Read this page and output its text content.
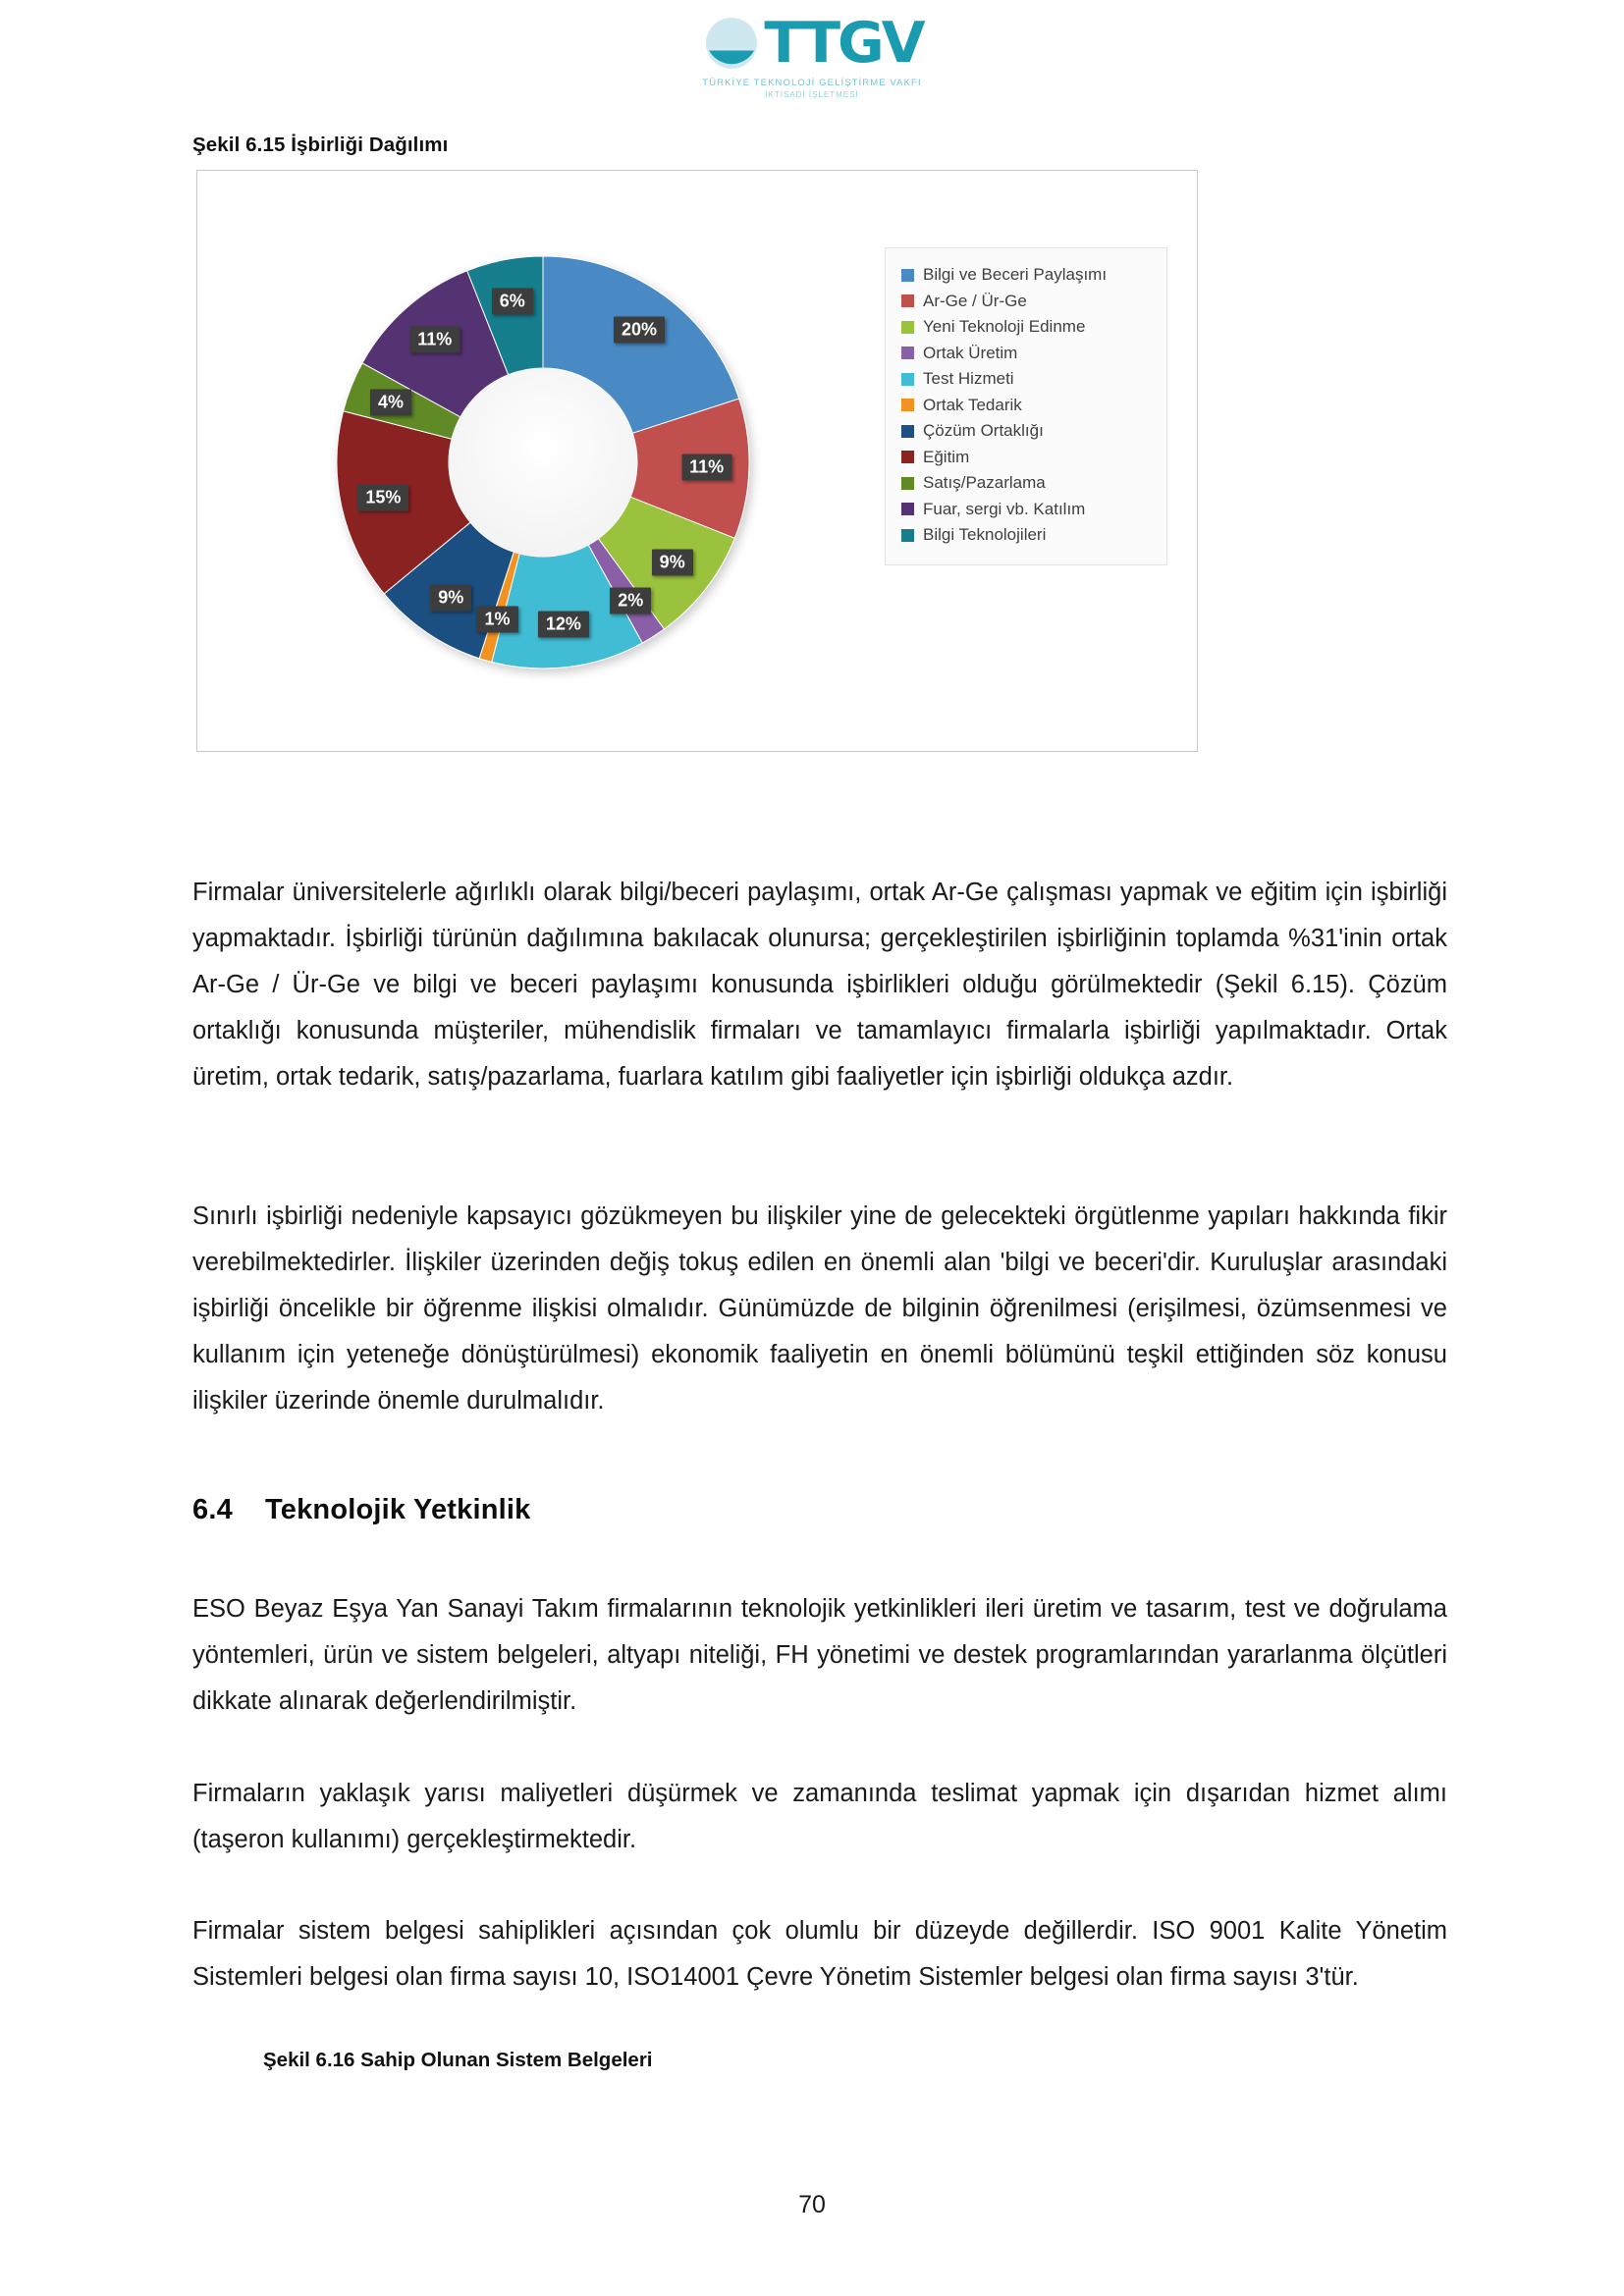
TTGV
TÜRKİYE TEKNOLOJİ GELİŞTİRME VAKFI
İKTİSADİ İŞLETMESİ
Şekil 6.15 İşbirliği Dağılımı
20%
11%
9%
2%
12%
1%
9%
15%
4%
11%
6%
Bilgi ve Beceri Paylaşımı
Ar-Ge / Ür-Ge
Yeni Teknoloji Edinme
Ortak Üretim
Test Hizmeti
Ortak Tedarik
Çözüm Ortaklığı
Eğitim
Satış/Pazarlama
Fuar, sergi vb. Katılım
Bilgi Teknolojileri

Firmalar üniversitelerle ağırlıklı olarak bilgi/beceri paylaşımı, ortak Ar-Ge çalışması yapmak ve eğitim için işbirliği yapmaktadır. İşbirliği türünün dağılımına bakılacak olunursa; gerçekleştirilen işbirliğinin toplamda %31'inin ortak Ar-Ge / Ür-Ge ve bilgi ve beceri paylaşımı konusunda işbirlikleri olduğu görülmektedir (Şekil 6.15). Çözüm ortaklığı konusunda müşteriler, mühendislik firmaları ve tamamlayıcı firmalarla işbirliği yapılmaktadır. Ortak üretim, ortak tedarik, satış/pazarlama, fuarlara katılım gibi faaliyetler için işbirliği oldukça azdır.

Sınırlı işbirliği nedeniyle kapsayıcı gözükmeyen bu ilişkiler yine de gelecekteki örgütlenme yapıları hakkında fikir verebilmektedirler. İlişkiler üzerinden değiş tokuş edilen en önemli alan 'bilgi ve beceri'dir. Kuruluşlar arasındaki işbirliği öncelikle bir öğrenme ilişkisi olmalıdır. Günümüzde de bilginin öğrenilmesi (erişilmesi, özümsenmesi ve kullanım için yeteneğe dönüştürülmesi) ekonomik faaliyetin en önemli bölümünü teşkil ettiğinden söz konusu ilişkiler üzerinde önemle durulmalıdır.

6.4 Teknolojik Yetkinlik

ESO Beyaz Eşya Yan Sanayi Takım firmalarının teknolojik yetkinlikleri ileri üretim ve tasarım, test ve doğrulama yöntemleri, ürün ve sistem belgeleri, altyapı niteliği, FH yönetimi ve destek programlarından yararlanma ölçütleri dikkate alınarak değerlendirilmiştir.

Firmaların yaklaşık yarısı maliyetleri düşürmek ve zamanında teslimat yapmak için dışarıdan hizmet alımı (taşeron kullanımı) gerçekleştirmektedir.

Firmalar sistem belgesi sahiplikleri açısından çok olumlu bir düzeyde değillerdir. ISO 9001 Kalite Yönetim Sistemleri belgesi olan firma sayısı 10, ISO14001 Çevre Yönetim Sistemler belgesi olan firma sayısı 3'tür.

Şekil 6.16 Sahip Olunan Sistem Belgeleri
70
